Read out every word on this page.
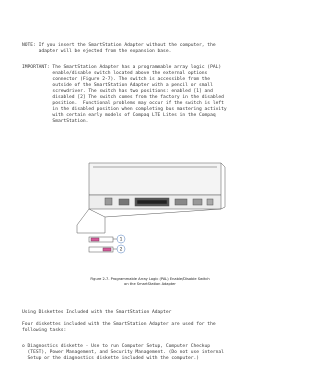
NOTE: If you insert the SmartStation Adapter without the computer, the
adapter will be ejected from the expansion base.
IMPORTANT: The SmartStation Adapter has a programmable array logic (PAL)
enable/disable switch located above the external options
connector (Figure 2-7). The switch is accessible from the
outside of the SmartStation Adapter with a pencil or small
screwdriver. The switch has two positions: enabled [1] and
disabled [2] The switch comes from the factory in the disabled
position.  Functional problems may occur if the switch is left
in the disabled position when completing bus mastering activity
with certain early models of Compaq LTE Lites in the Compaq
SmartStation.
1
2
Figure 2-7. Programmable Array Logic (PAL) Enable/Disable Switch
on the SmartStation Adapter
Using Diskettes Included with the SmartStation Adapter
Four diskettes included with the SmartStation Adapter are used for the
following tasks:
o Diagnostics diskette - Use to run Computer Setup, Computer Checkup
(TEST), Power Management, and Security Management. (Do not use internal
Setup or the diagnostics diskette included with the computer.)
